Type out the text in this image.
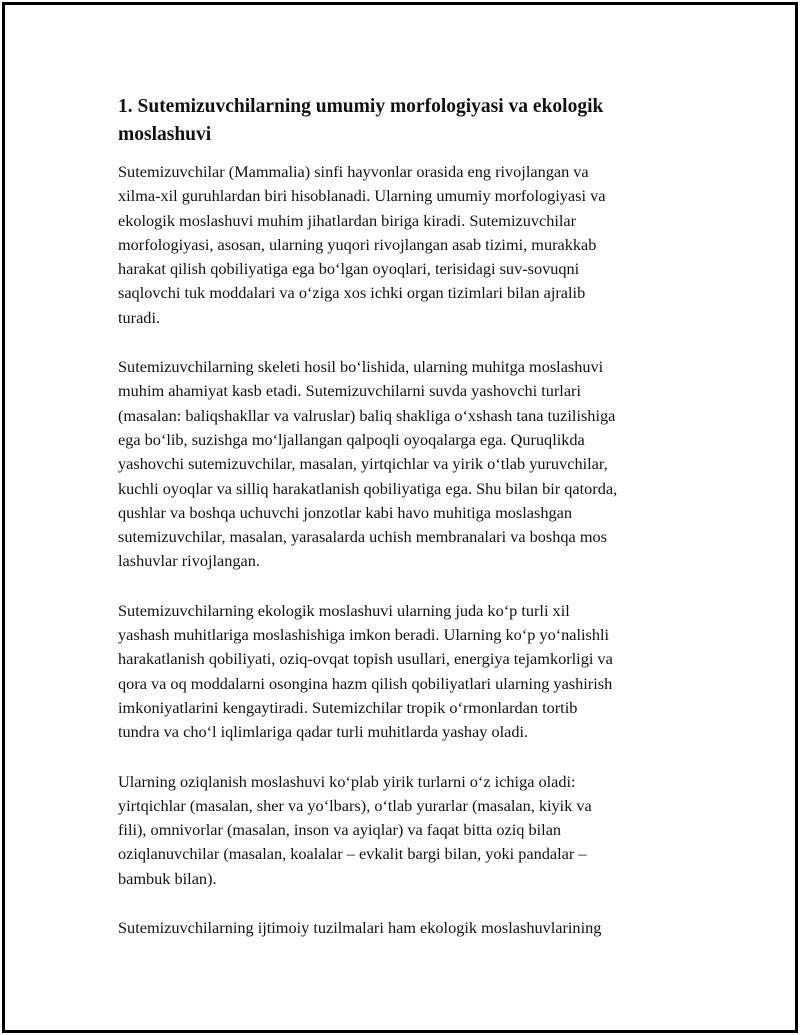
1. Sutemizuvchilarning umumiy morfologiyasi va ekologik
moslashuvi
Sutemizuvchilar (Mammalia) sinfi hayvonlar orasida eng rivojlangan va
xilma-xil guruhlardan biri hisoblanadi. Ularning umumiy morfologiyasi va
ekologik moslashuvi muhim jihatlardan biriga kiradi. Sutemizuvchilar
morfologiyasi, asosan, ularning yuqori rivojlangan asab tizimi, murakkab
harakat qilish qobiliyatiga ega bo‘lgan oyoqlari, terisidagi suv-sovuqni
saqlovchi tuk moddalari va o‘ziga xos ichki organ tizimlari bilan ajralib
turadi.
Sutemizuvchilarning skeleti hosil bo‘lishida, ularning muhitga moslashuvi
muhim ahamiyat kasb etadi. Sutemizuvchilarni suvda yashovchi turlari
(masalan: baliqshakllar va valruslar) baliq shakliga o‘xshash tana tuzilishiga
ega bo‘lib, suzishga mo‘ljallangan qalpoqli oyoqalarga ega. Quruqlikda
yashovchi sutemizuvchilar, masalan, yirtqichlar va yirik o‘tlab yuruvchilar,
kuchli oyoqlar va silliq harakatlanish qobiliyatiga ega. Shu bilan bir qatorda,
qushlar va boshqa uchuvchi jonzotlar kabi havo muhitiga moslashgan
sutemizuvchilar, masalan, yarasalarda uchish membranalari va boshqa mos
lashuvlar rivojlangan.
Sutemizuvchilarning ekologik moslashuvi ularning juda ko‘p turli xil
yashash muhitlariga moslashishiga imkon beradi. Ularning ko‘p yo‘nalishli
harakatlanish qobiliyati, oziq-ovqat topish usullari, energiya tejamkorligi va
qora va oq moddalarni osongina hazm qilish qobiliyatlari ularning yashirish
imkoniyatlarini kengaytiradi. Sutemizchilar tropik o‘rmonlardan tortib
tundra va cho‘l iqlimlariga qadar turli muhitlarda yashay oladi.
Ularning oziqlanish moslashuvi ko‘plab yirik turlarni o‘z ichiga oladi:
yirtqichlar (masalan, sher va yo‘lbars), o‘tlab yurarlar (masalan, kiyik va
fili), omnivorlar (masalan, inson va ayiqlar) va faqat bitta oziq bilan
oziqlanuvchilar (masalan, koalalar – evkalit bargi bilan, yoki pandalar –
bambuk bilan).
Sutemizuvchilarning ijtimoiy tuzilmalari ham ekologik moslashuvlarining
